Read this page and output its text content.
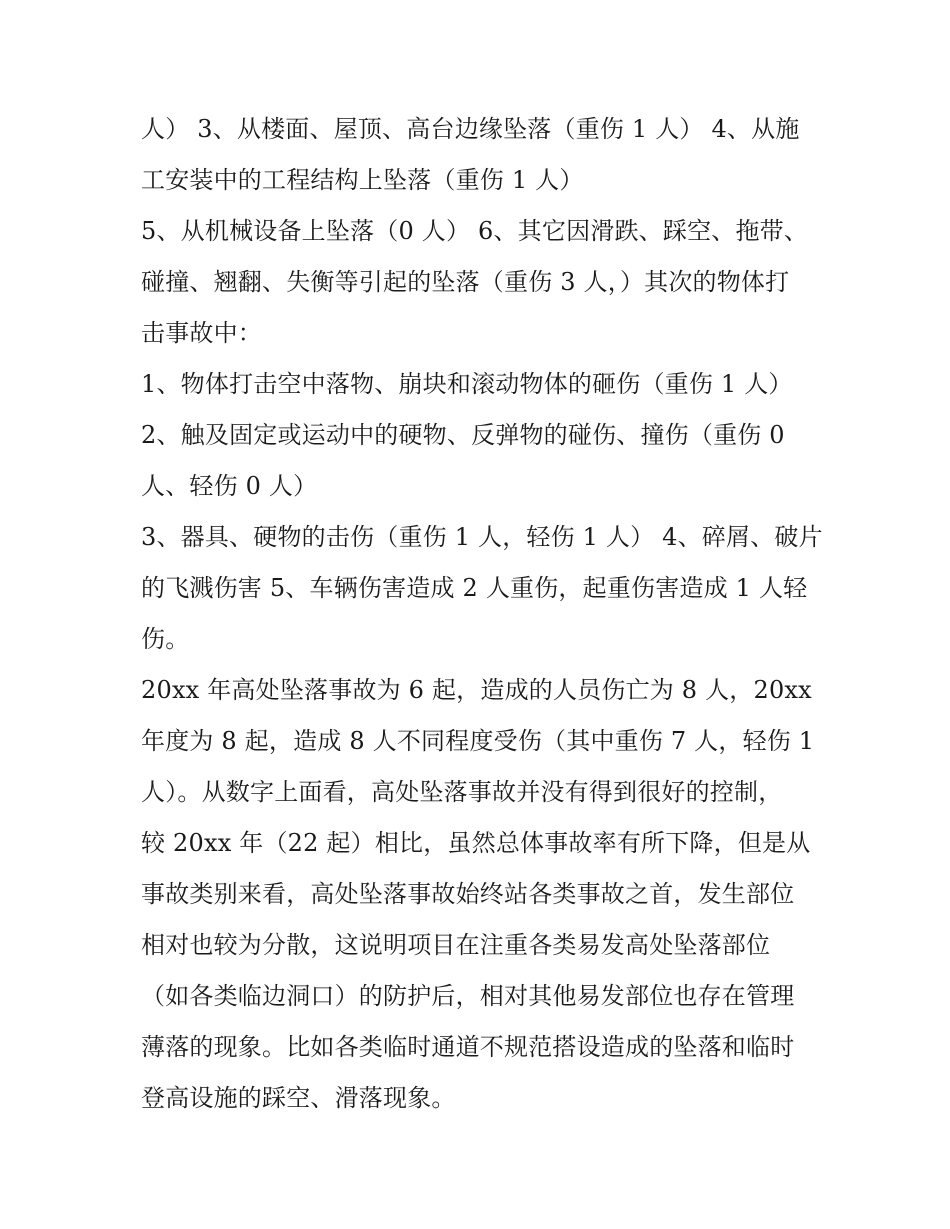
人） 3、从楼面、屋顶、高台边缘坠落（重伤 1 人） 4、从施
工安装中的工程结构上坠落（重伤 1 人）
5、从机械设备上坠落（0 人） 6、其它因滑跌、踩空、拖带、
碰撞、翘翻、失衡等引起的坠落（重伤 3 人，）其次的物体打
击事故中：
1、物体打击空中落物、崩块和滚动物体的砸伤（重伤 1 人）
2、触及固定或运动中的硬物、反弹物的碰伤、撞伤（重伤 0
人、轻伤 0 人）
3、器具、硬物的击伤（重伤 1 人，轻伤 1 人） 4、碎屑、破片
的飞溅伤害 5、车辆伤害造成 2 人重伤，起重伤害造成 1 人轻
伤。
20xx 年高处坠落事故为 6 起，造成的人员伤亡为 8 人，20xx
年度为 8 起，造成 8 人不同程度受伤（其中重伤 7 人，轻伤 1
人）。从数字上面看，高处坠落事故并没有得到很好的控制，
较 20xx 年（22 起）相比，虽然总体事故率有所下降，但是从
事故类别来看，高处坠落事故始终站各类事故之首，发生部位
相对也较为分散，这说明项目在注重各类易发高处坠落部位
（如各类临边洞口）的防护后，相对其他易发部位也存在管理
薄落的现象。比如各类临时通道不规范搭设造成的坠落和临时
登高设施的踩空、滑落现象。
